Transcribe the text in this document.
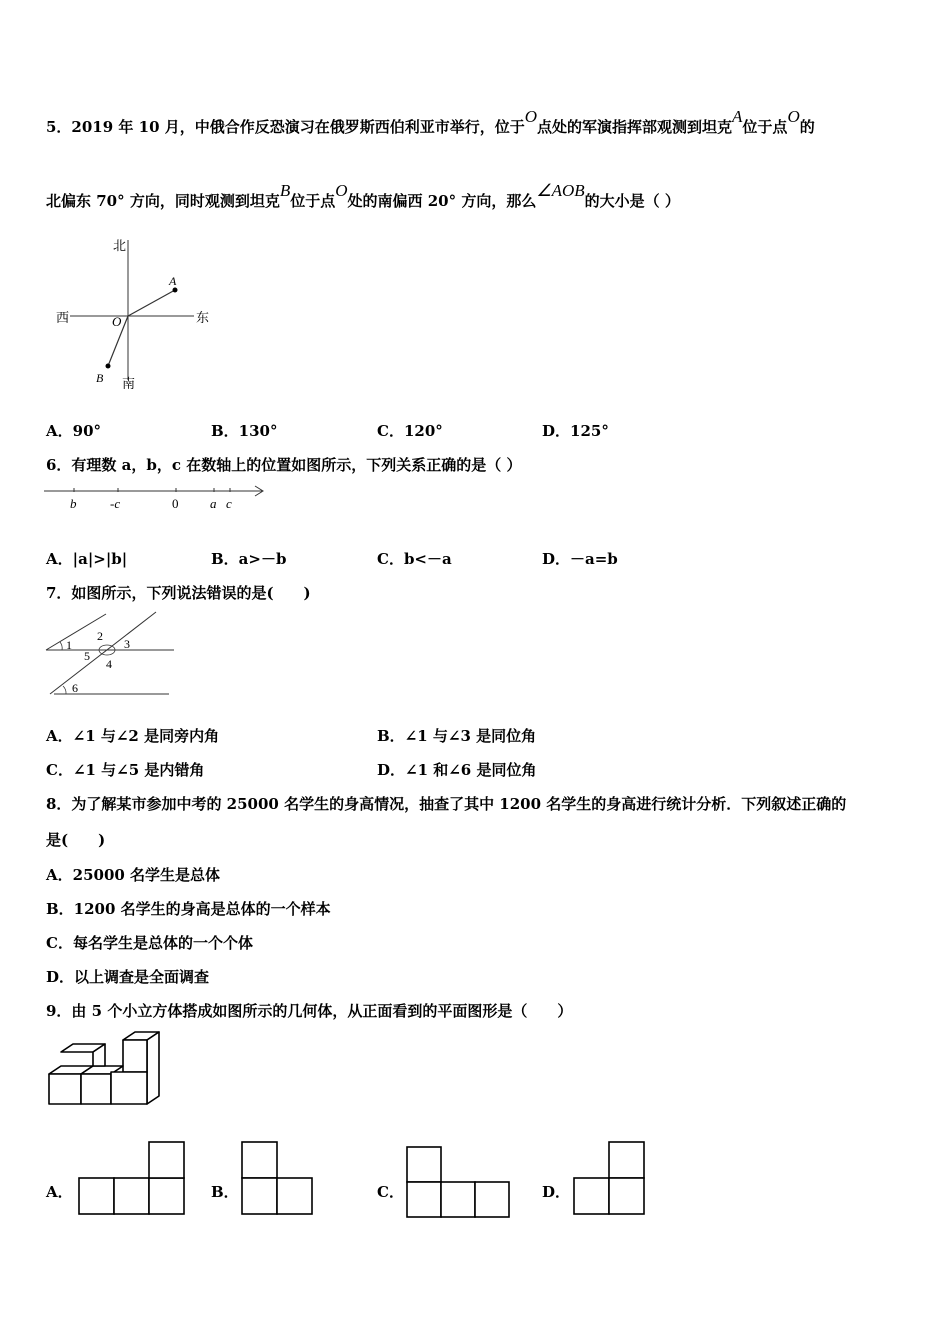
5．2019 年 10 月，中俄合作反恐演习在俄罗斯西伯利亚市举行，位于O点处的军演指挥部观测到坦克A位于点O的
北偏东 70° 方向，同时观测到坦克B位于点O处的南偏西 20° 方向，那么∠AOB的大小是（ ）
北
南
西	东
O
A
B
A．90°	B．130°	C．120°	D．125°
6．有理数 a，b，c 在数轴上的位置如图所示，下列关系正确的是（ ）
b	-c	0 a c
A．|a|>|b|	B．a>－b	C．b<－a	D．－a=b
7．如图所示，下列说法错误的是(　　)
1
2
3
4
5
6
A．∠1 与∠2 是同旁内角	B．∠1 与∠3 是同位角
C．∠1 与∠5 是内错角	D．∠1 和∠6 是同位角
8．为了解某市参加中考的 25000 名学生的身高情况，抽查了其中 1200 名学生的身高进行统计分析．下列叙述正确的
是(　　)
A．25000 名学生是总体
B．1200 名学生的身高是总体的一个样本
C．每名学生是总体的一个个体
D．以上调查是全面调查
9．由 5 个小立方体搭成如图所示的几何体，从正面看到的平面图形是（　　）
A．	B．	C．	D．
